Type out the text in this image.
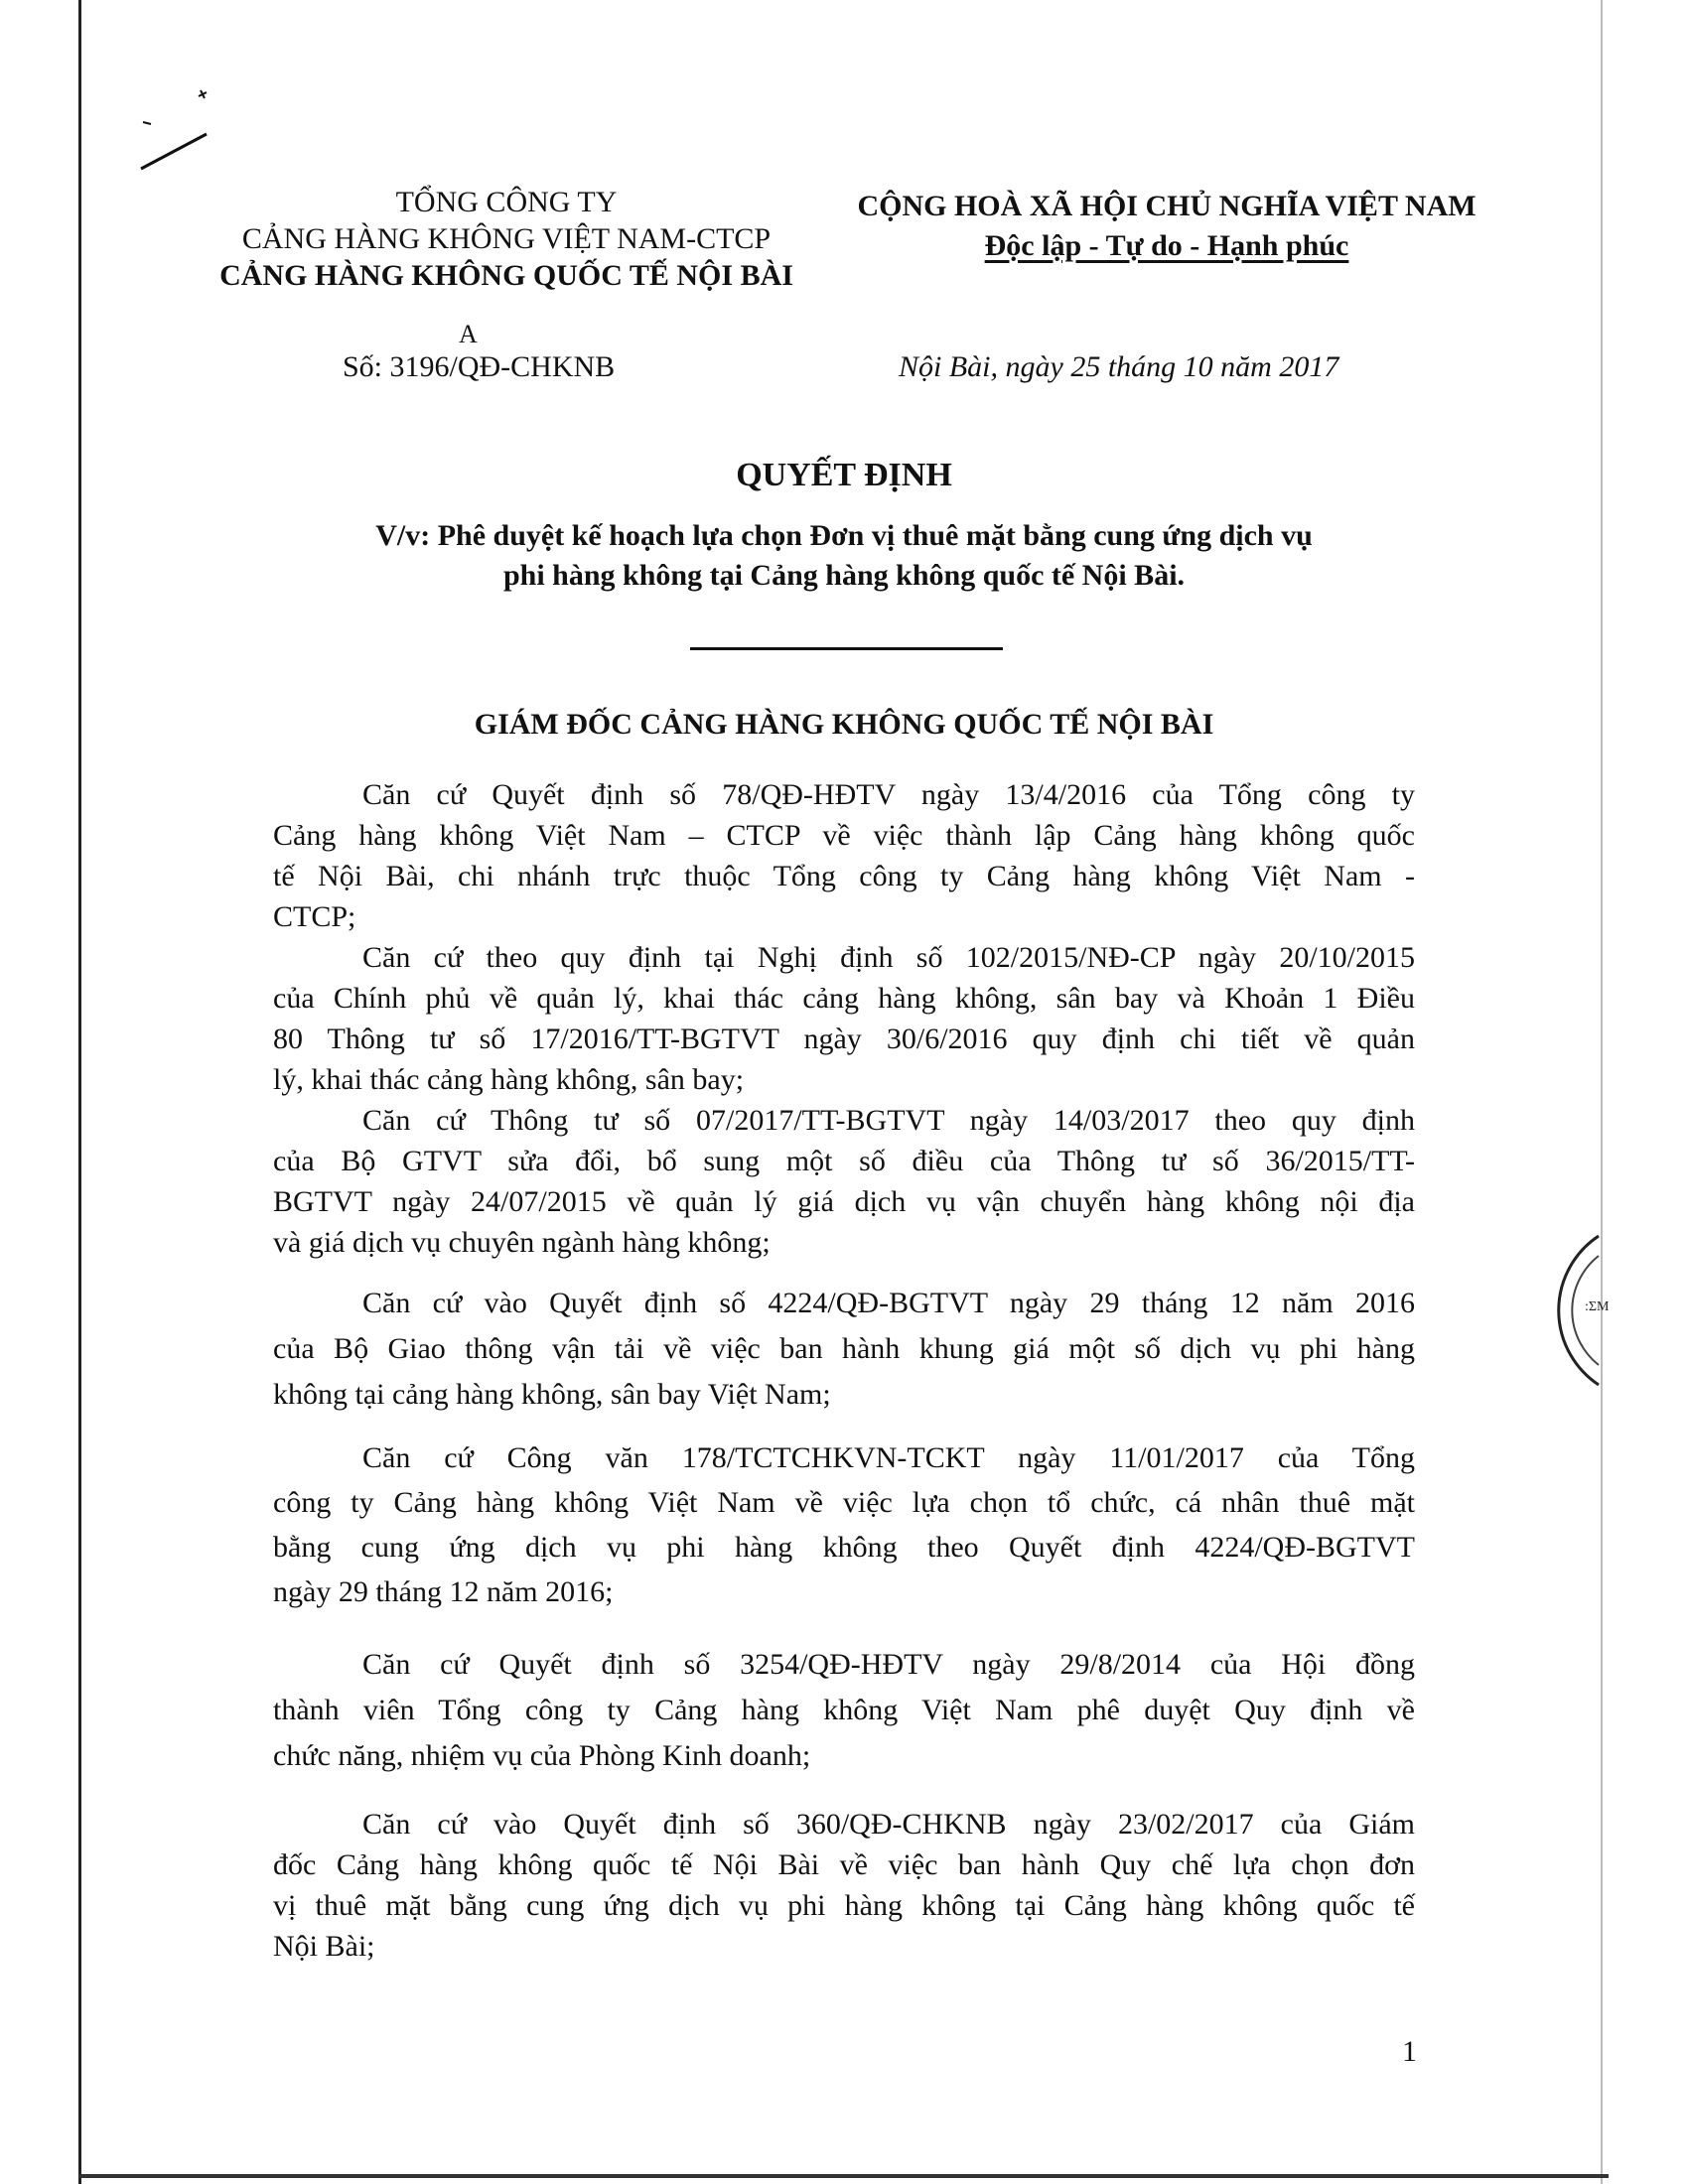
TỔNG CÔNG TY
CẢNG HÀNG KHÔNG VIỆT NAM-CTCP
CẢNG HÀNG KHÔNG QUỐC TẾ NỘI BÀI
CỘNG HOÀ XÃ HỘI CHỦ NGHĨA VIỆT NAM
Độc lập - Tự do - Hạnh phúc
Số: 3196/QĐ-CHKNB
A
Nội Bài, ngày 25 tháng 10 năm 2017
QUYẾT ĐỊNH
V/v: Phê duyệt kế hoạch lựa chọn Đơn vị thuê mặt bằng cung ứng dịch vụ
phi hàng không tại Cảng hàng không quốc tế Nội Bài.
GIÁM ĐỐC CẢNG HÀNG KHÔNG QUỐC TẾ NỘI BÀI
Căn cứ Quyết định số 78/QĐ-HĐTV ngày 13/4/2016 của Tổng công ty
Cảng hàng không Việt Nam – CTCP về việc thành lập Cảng hàng không quốc
tế Nội Bài, chi nhánh trực thuộc Tổng công ty Cảng hàng không Việt Nam -
CTCP;
Căn cứ theo quy định tại Nghị định số 102/2015/NĐ-CP ngày 20/10/2015
của Chính phủ về quản lý, khai thác cảng hàng không, sân bay và Khoản 1 Điều
80 Thông tư số 17/2016/TT-BGTVT ngày 30/6/2016 quy định chi tiết về quản
lý, khai thác cảng hàng không, sân bay;
Căn cứ Thông tư số 07/2017/TT-BGTVT ngày 14/03/2017 theo quy định
của Bộ GTVT sửa đổi, bổ sung một số điều của Thông tư số 36/2015/TT-
BGTVT ngày 24/07/2015 về quản lý giá dịch vụ vận chuyển hàng không nội địa
và giá dịch vụ chuyên ngành hàng không;
Căn cứ vào Quyết định số 4224/QĐ-BGTVT ngày 29 tháng 12 năm 2016
của Bộ Giao thông vận tải về việc ban hành khung giá một số dịch vụ phi hàng
không tại cảng hàng không, sân bay Việt Nam;
Căn cứ Công văn 178/TCTCHKVN-TCKT ngày 11/01/2017 của Tổng
công ty Cảng hàng không Việt Nam về việc lựa chọn tổ chức, cá nhân thuê mặt
bằng cung ứng dịch vụ phi hàng không theo Quyết định 4224/QĐ-BGTVT
ngày 29 tháng 12 năm 2016;
Căn cứ Quyết định số 3254/QĐ-HĐTV ngày 29/8/2014 của Hội đồng
thành viên Tổng công ty Cảng hàng không Việt Nam phê duyệt Quy định về
chức năng, nhiệm vụ của Phòng Kinh doanh;
Căn cứ vào Quyết định số 360/QĐ-CHKNB ngày 23/02/2017 của Giám
đốc Cảng hàng không quốc tế Nội Bài về việc ban hành Quy chế lựa chọn đơn
vị thuê mặt bằng cung ứng dịch vụ phi hàng không tại Cảng hàng không quốc tế
Nội Bài;
1
:ΣM
